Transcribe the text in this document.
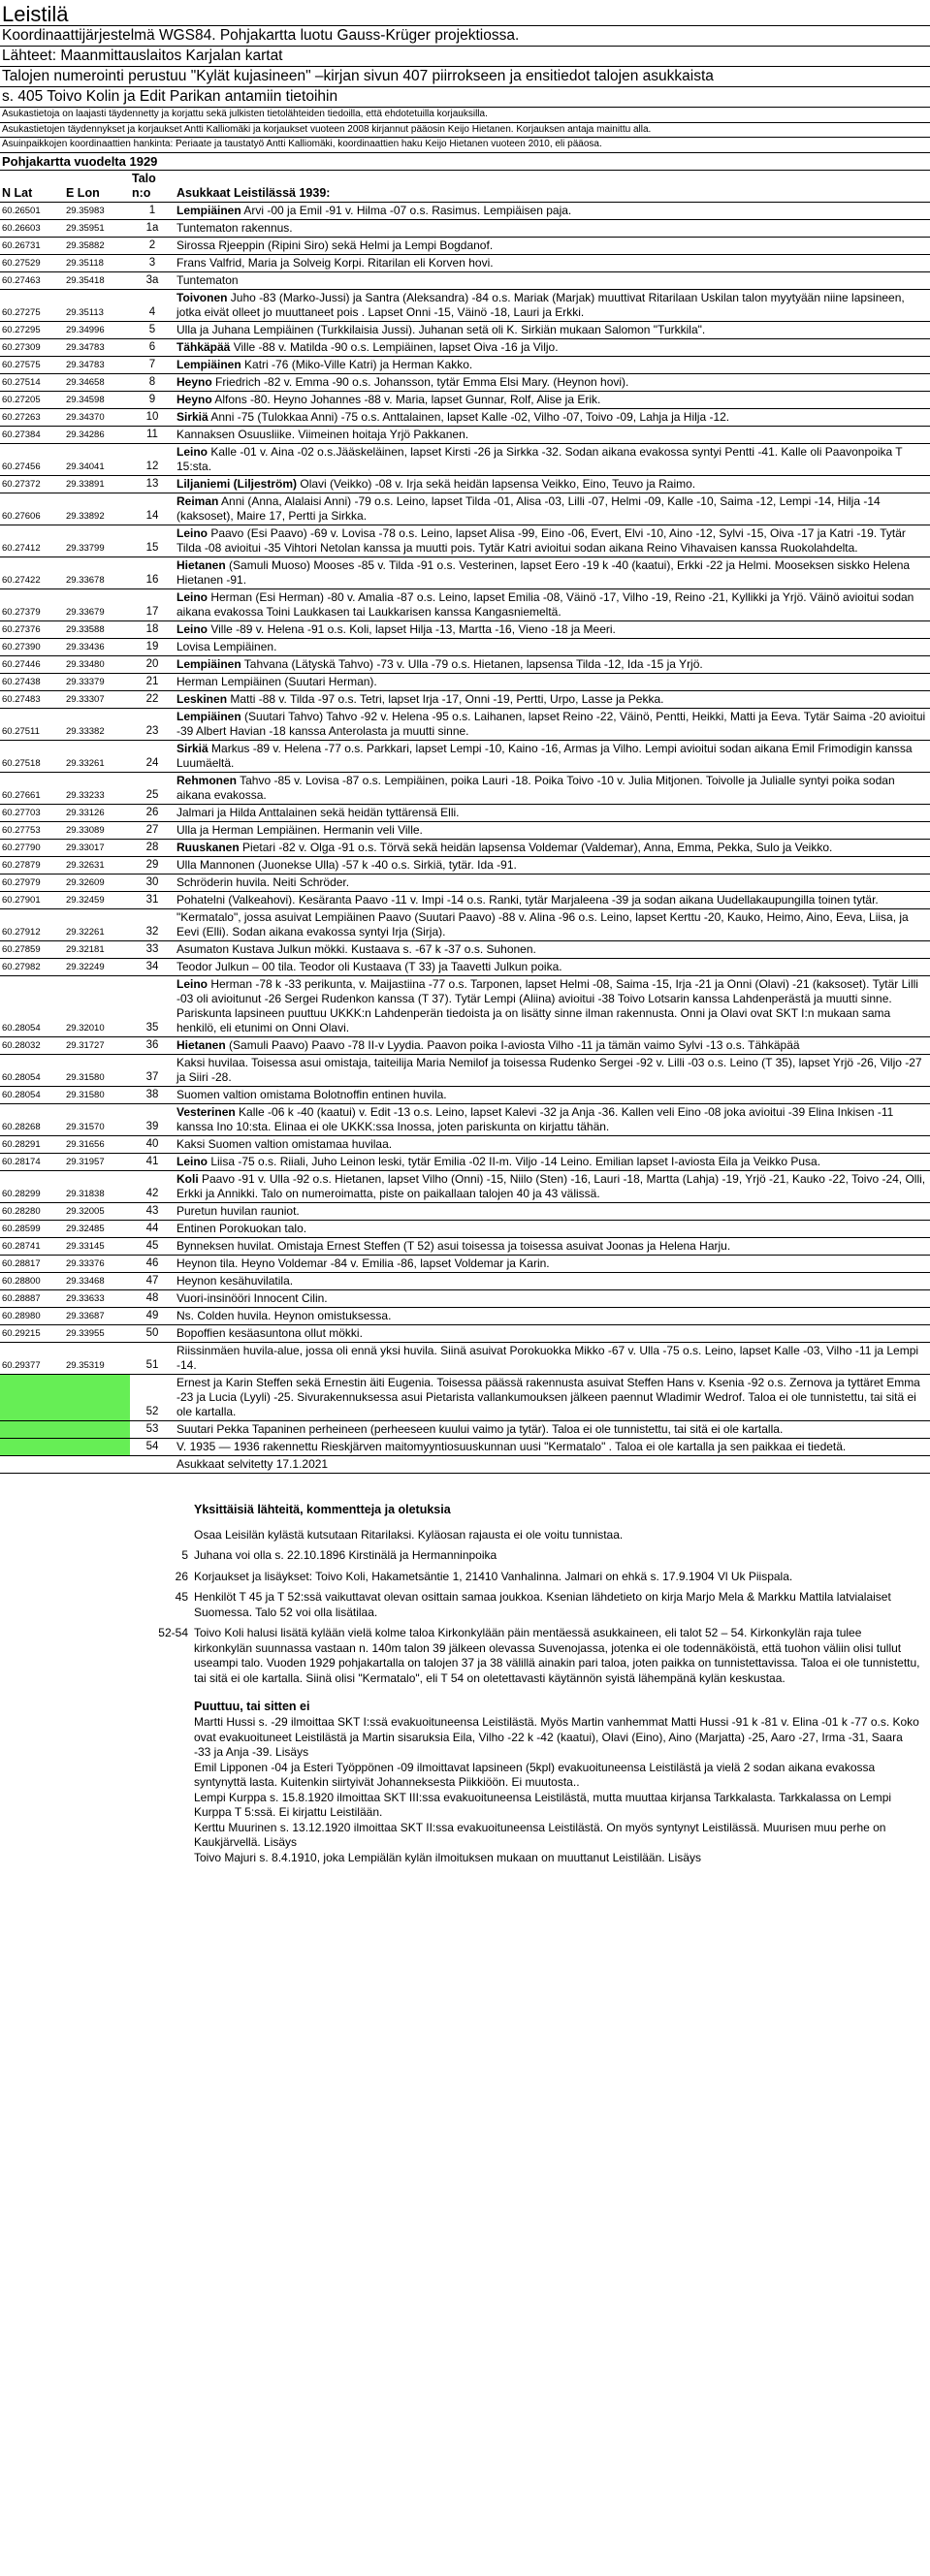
Leistilä
Koordinaattijärjestelmä WGS84. Pohjakartta luotu Gauss-Krüger projektiossa.
Lähteet: Maanmittauslaitos Karjalan kartat
Talojen numerointi perustuu "Kylät kujasineen" –kirjan sivun 407 piirrokseen ja ensitiedot talojen asukkaista
s. 405 Toivo Kolin ja Edit Parikan antamiin tietoihin
Asukastietoja on laajasti täydennetty ja korjattu sekä julkisten tietolähteiden tiedoilla, että ehdotetuilla korjauksilla.
Asukastietojen täydennykset ja korjaukset Antti Kalliomäki ja korjaukset vuoteen 2008 kirjannut pääosin Keijo Hietanen. Korjauksen antaja mainittu alla.
Asuinpaikkojen koordinaattien hankinta: Periaate ja taustatyö Antti Kalliomäki, koordinaattien haku Keijo Hietanen vuoteen 2010, eli pääosa.
Pohjakartta vuodelta 1929
N Lat	E Lon	Talo n:o	Asukkaat Leistilässä 1939:
60.26501	29.35983	1	Lempiäinen Arvi -00 ja Emil -91 v. Hilma -07 o.s. Rasimus. Lempiäisen paja.
60.26603	29.35951	1a	Tuntematon rakennus.
60.26731	29.35882	2	Sirossa Rjeeppin (Ripini Siro) sekä Helmi ja Lempi Bogdanof.
60.27529	29.35118	3	Frans Valfrid, Maria ja Solveig Korpi. Ritarilan eli Korven hovi.
60.27463	29.35418	3a	Tuntematon
60.27275	29.35113	4	Toivonen Juho -83 (Marko-Jussi) ja Santra (Aleksandra) -84 o.s. Mariak (Marjak) muuttivat Ritarilaan Uskilan talon myytyään niine lapsineen, jotka eivät olleet jo muuttaneet pois . Lapset Onni -15, Väinö -18, Lauri ja Erkki.
60.27295	29.34996	5	Ulla ja Juhana Lempiäinen (Turkkilaisia Jussi). Juhanan setä oli K. Sirkiän mukaan Salomon "Turkkila".
60.27309	29.34783	6	Tähkäpää Ville -88 v. Matilda -90 o.s. Lempiäinen, lapset Oiva -16 ja Viljo.
60.27575	29.34783	7	Lempiäinen Katri -76 (Miko-Ville Katri) ja Herman Kakko.
60.27514	29.34658	8	Heyno Friedrich -82 v. Emma -90 o.s. Johansson, tytär Emma Elsi Mary. (Heynon hovi).
60.27205	29.34598	9	Heyno Alfons -80. Heyno Johannes -88 v. Maria, lapset Gunnar, Rolf, Alise ja Erik.
60.27263	29.34370	10	Sirkiä Anni -75 (Tulokkaa Anni) -75 o.s. Anttalainen, lapset Kalle -02, Vilho -07, Toivo -09, Lahja ja Hilja -12.
60.27384	29.34286	11	Kannaksen Osuusliike. Viimeinen hoitaja Yrjö Pakkanen.
60.27456	29.34041	12	Leino Kalle -01 v. Aina -02 o.s.Jääskeläinen, lapset Kirsti -26 ja Sirkka -32. Sodan aikana evakossa syntyi Pentti -41. Kalle oli Paavonpoika T 15:sta.
60.27372	29.33891	13	Liljaniemi (Liljeström) Olavi (Veikko) -08 v. Irja sekä heidän lapsensa Veikko, Eino, Teuvo ja Raimo.
60.27606	29.33892	14	Reiman Anni (Anna, Alalaisi Anni) -79 o.s. Leino, lapset Tilda -01, Alisa -03, Lilli -07, Helmi -09, Kalle -10, Saima -12, Lempi -14, Hilja -14 (kaksoset), Maire 17, Pertti ja Sirkka.
60.27412	29.33799	15	Leino Paavo (Esi Paavo) -69 v. Lovisa -78 o.s. Leino, lapset Alisa -99, Eino -06, Evert, Elvi -10, Aino -12, Sylvi -15, Oiva -17 ja Katri -19. Tytär Tilda -08 avioitui -35 Vihtori Netolan kanssa ja muutti pois. Tytär Katri avioitui sodan aikana Reino Vihavaisen kanssa Ruokolahdelta.
60.27422	29.33678	16	Hietanen (Samuli Muoso) Mooses -85 v. Tilda -91 o.s. Vesterinen, lapset Eero -19 k -40 (kaatui), Erkki -22 ja Helmi. Mooseksen siskko Helena Hietanen -91.
60.27379	29.33679	17	Leino Herman (Esi Herman) -80 v. Amalia -87 o.s. Leino, lapset Emilia -08, Väinö -17, Vilho -19, Reino -21, Kyllikki ja Yrjö. Väinö avioitui sodan aikana evakossa Toini Laukkasen tai Laukkarisen kanssa Kangasniemeltä.
60.27376	29.33588	18	Leino Ville -89 v. Helena -91 o.s. Koli, lapset Hilja -13, Martta -16, Vieno -18 ja Meeri.
60.27390	29.33436	19	Lovisa Lempiäinen.
60.27446	29.33480	20	Lempiäinen Tahvana (Lätyskä Tahvo) -73 v. Ulla -79 o.s. Hietanen, lapsensa Tilda -12, Ida -15 ja Yrjö.
60.27438	29.33379	21	Herman Lempiäinen (Suutari Herman).
60.27483	29.33307	22	Leskinen Matti -88 v. Tilda -97 o.s. Tetri, lapset Irja -17, Onni -19, Pertti, Urpo, Lasse ja Pekka.
60.27511	29.33382	23	Lempiäinen (Suutari Tahvo) Tahvo -92 v. Helena -95 o.s. Laihanen, lapset Reino -22, Väinö, Pentti, Heikki, Matti ja Eeva. Tytär Saima -20 avioitui -39 Albert Havian -18 kanssa Anterolasta ja muutti sinne.
60.27518	29.33261	24	Sirkiä Markus -89 v. Helena -77 o.s. Parkkari, lapset Lempi -10, Kaino -16, Armas ja Vilho. Lempi avioitui sodan aikana Emil Frimodigin kanssa Luumäeltä.
60.27661	29.33233	25	Rehmonen Tahvo -85 v. Lovisa -87 o.s. Lempiäinen, poika Lauri -18. Poika Toivo -10 v. Julia Mitjonen. Toivolle ja Julialle syntyi poika sodan aikana evakossa.
60.27703	29.33126	26	Jalmari ja Hilda Anttalainen sekä heidän tyttärensä Elli.
60.27753	29.33089	27	Ulla ja Herman Lempiäinen. Hermanin veli Ville.
60.27790	29.33017	28	Ruuskanen Pietari -82 v. Olga -91 o.s. Törvä sekä heidän lapsensa Voldemar (Valdemar), Anna, Emma, Pekka, Sulo ja Veikko.
60.27879	29.32631	29	Ulla Mannonen (Juonekse Ulla) -57 k -40 o.s. Sirkiä, tytär. Ida -91.
60.27979	29.32609	30	Schröderin huvila. Neiti Schröder.
60.27901	29.32459	31	Pohatelni (Valkeahovi). Kesäranta Paavo -11 v. Impi -14 o.s. Ranki, tytär Marjaleena -39 ja sodan aikana Uudellakaupungilla toinen tytär.
60.27912	29.32261	32	"Kermatalo", jossa asuivat Lempiäinen Paavo (Suutari Paavo) -88 v. Alina -96 o.s. Leino, lapset Kerttu -20, Kauko, Heimo, Aino, Eeva, Liisa, ja Eevi (Elli). Sodan aikana evakossa syntyi Irja (Sirja).
60.27859	29.32181	33	Asumaton Kustava Julkun mökki. Kustaava s. -67 k -37 o.s. Suhonen.
60.27982	29.32249	34	Teodor Julkun – 00 tila. Teodor oli Kustaava (T 33) ja Taavetti Julkun poika.
60.28054	29.32010	35	Leino Herman -78 k -33 perikunta, v. Maijastiina -77 o.s. Tarponen, lapset Helmi -08, Saima -15, Irja -21 ja Onni (Olavi) -21 (kaksoset). Tytär Lilli -03 oli avioitunut -26 Sergei Rudenkon kanssa (T 37). Tytär Lempi (Aliina) avioitui -38 Toivo Lotsarin kanssa Lahdenperästä ja muutti sinne. Pariskunta lapsineen puuttuu UKKK:n Lahdenperän tiedoista ja on lisätty sinne ilman rakennusta. Onni ja Olavi ovat SKT I:n mukaan sama henkilö, eli etunimi on Onni Olavi.
60.28032	29.31727	36	Hietanen (Samuli Paavo) Paavo -78 II-v Lyydia. Paavon poika I-aviosta Vilho -11 ja tämän vaimo Sylvi -13 o.s. Tähkäpää
60.28054	29.31580	37	Kaksi huvilaa. Toisessa asui omistaja, taiteilija Maria Nemilof ja toisessa Rudenko Sergei -92 v. Lilli -03 o.s. Leino (T 35), lapset Yrjö -26, Viljo -27 ja Siiri -28.
60.28054	29.31580	38	Suomen valtion omistama Bolotnoffin entinen huvila.
60.28268	29.31570	39	Vesterinen Kalle -06 k -40 (kaatui) v. Edit -13 o.s. Leino, lapset Kalevi -32 ja Anja -36. Kallen veli Eino -08 joka avioitui -39 Elina Inkisen -11 kanssa Ino 10:sta. Elinaa ei ole UKKK:ssa Inossa, joten pariskunta on kirjattu tähän.
60.28291	29.31656	40	Kaksi Suomen valtion omistamaa huvilaa.
60.28174	29.31957	41	Leino Liisa -75 o.s. Riiali, Juho Leinon leski, tytär Emilia -02 II-m. Viljo -14 Leino. Emilian lapset I-aviosta Eila ja Veikko Pusa.
60.28299	29.31838	42	Koli Paavo -91 v. Ulla -92 o.s. Hietanen, lapset Vilho (Onni) -15, Niilo (Sten) -16, Lauri -18, Martta (Lahja) -19, Yrjö -21, Kauko -22, Toivo -24, Olli, Erkki ja Annikki. Talo on numeroimatta, piste on paikallaan talojen 40 ja 43 välissä.
60.28280	29.32005	43	Puretun huvilan rauniot.
60.28599	29.32485	44	Entinen Porokuokan talo.
60.28741	29.33145	45	Bynneksen huvilat. Omistaja Ernest Steffen (T 52) asui toisessa ja toisessa asuivat Joonas ja Helena Harju.
60.28817	29.33376	46	Heynon tila. Heyno Voldemar -84 v. Emilia -86, lapset Voldemar ja Karin.
60.28800	29.33468	47	Heynon kesähuvilatila.
60.28887	29.33633	48	Vuori-insinööri Innocent Cilin.
60.28980	29.33687	49	Ns. Colden huvila. Heynon omistuksessa.
60.29215	29.33955	50	Bopoffien kesäasuntona ollut mökki.
60.29377	29.35319	51	Riissinmäen huvila-alue, jossa oli ennä yksi huvila. Siinä asuivat Porokuokka Mikko -67 v. Ulla -75 o.s. Leino, lapset Kalle -03, Vilho -11 ja Lempi -14.
		52	Ernest ja Karin Steffen sekä Ernestin äiti Eugenia. Toisessa päässä rakennusta asuivat Steffen Hans v. Ksenia -92 o.s. Zernova ja tyttäret Emma -23 ja Lucia (Lyyli) -25. Sivurakennuksessa asui Pietarista vallankumouksen jälkeen paennut Wladimir Wedrof. Taloa ei ole tunnistettu, tai sitä ei ole kartalla.
		53	Suutari Pekka Tapaninen perheineen (perheeseen kuului vaimo ja tytär). Taloa ei ole tunnistettu, tai sitä ei ole kartalla.
		54	V. 1935 — 1936 rakennettu Rieskjärven maitomyyntiosuuskunnan uusi "Kermatalo" . Taloa ei ole kartalla ja sen paikkaa ei tiedetä.
			Asukkaat selvitetty 17.1.2021
Yksittäisiä lähteitä, kommentteja ja oletuksia
Osaa Leisilän kylästä kutsutaan Ritarilaksi. Kyläosan rajausta ei ole voitu tunnistaa.
5 Juhana voi olla s. 22.10.1896 Kirstinälä ja Hermanninpoika
26 Korjaukset ja lisäykset: Toivo Koli, Hakametsäntie 1, 21410 Vanhalinna. Jalmari on ehkä s. 17.9.1904 Vl Uk Piispala.
45 Henkilöt T 45 ja T 52:ssä vaikuttavat olevan osittain samaa joukkoa. Ksenian lähdetieto on kirja Marjo Mela & Markku Mattila latvialaiset Suomessa. Talo 52 voi olla lisätilaa.
52-54 Toivo Koli halusi lisätä kylään vielä kolme taloa Kirkonkylään päin mentäessä asukkaineen, eli talot 52 – 54. Kirkonkylän raja tulee kirkonkylän suunnassa vastaan n. 140m talon 39 jälkeen olevassa Suvenojassa, jotenka ei ole todennäköistä, että tuohon väliin olisi tullut useampi talo. Vuoden 1929 pohjakartalla on talojen 37 ja 38 välillä ainakin pari taloa, joten paikka on tunnistettavissa. Taloa ei ole tunnistettu, tai sitä ei ole kartalla. Siinä olisi "Kermatalo", eli T 54 on oletettavasti käytännön syistä lähempänä kylän keskustaa.
Puuttuu, tai sitten ei
Martti Hussi s. -29 ilmoittaa SKT I:ssä evakuoituneensa Leistilästä. Myös Martin vanhemmat Matti Hussi -91 k -81 v. Elina -01 k -77 o.s. Koko ovat evakuoituneet Leistilästä ja Martin sisaruksia Eila, Vilho -22 k -42 (kaatui), Olavi (Eino), Aino (Marjatta) -25, Aaro -27, Irma -31, Saara -33 ja Anja -39. Lisäys
Emil Lipponen -04 ja Esteri Työppönen -09 ilmoittavat lapsineen (5kpl) evakuoituneensa Leistilästä ja vielä 2 sodan aikana evakossa syntynyttä lasta. Kuitenkin siirtyivät Johanneksesta Piikkiöön. Ei muutosta..
Lempi Kurppa s. 15.8.1920 ilmoittaa SKT III:ssa evakuoituneensa Leistilästä, mutta muuttaa kirjansa Tarkkalasta. Tarkkalassa on Lempi Kurppa T 5:ssä. Ei kirjattu Leistilään.
Kerttu Muurinen s. 13.12.1920 ilmoittaa SKT II:ssa evakuoituneensa Leistilästä. On myös syntynyt Leistilässä. Muurisen muu perhe on Kaukjärvellä. Lisäys
Toivo Majuri s. 8.4.1910, joka Lempiälän kylän ilmoituksen mukaan on muuttanut Leistilään. Lisäys
